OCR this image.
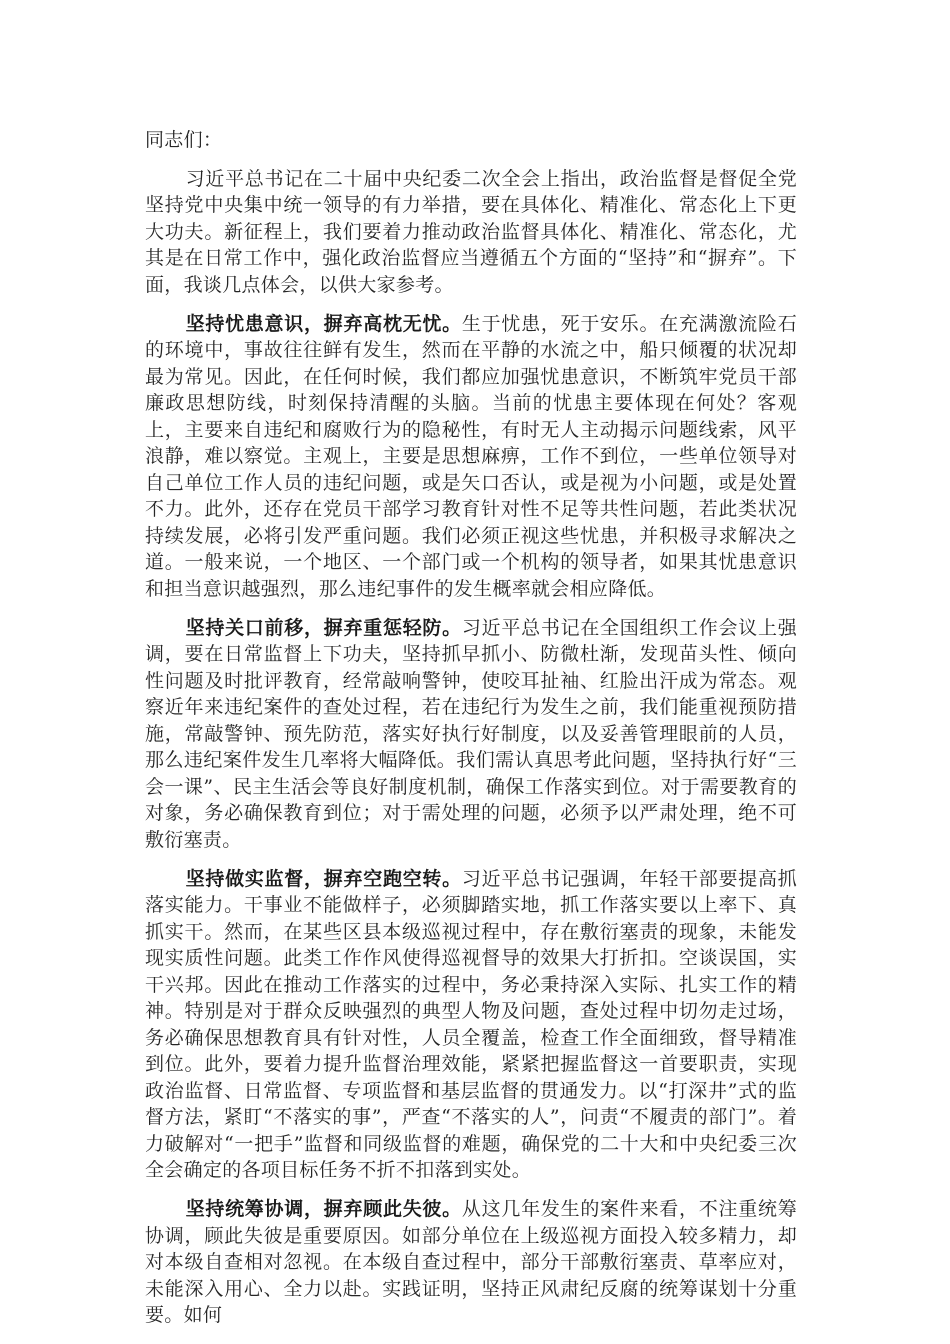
同志们：

习近平总书记在二十届中央纪委二次全会上指出，政治监督是督促全党坚持党中央集中统一领导的有力举措，要在具体化、精准化、常态化上下更大功夫。新征程上，我们要着力推动政治监督具体化、精准化、常态化，尤其是在日常工作中，强化政治监督应当遵循五个方面的“坚持”和“摒弃”。下面，我谈几点体会，以供大家参考。

坚持忧患意识，摒弃高枕无忧。生于忧患，死于安乐。在充满激流险石的环境中，事故往往鲜有发生，然而在平静的水流之中，船只倾覆的状况却最为常见。因此，在任何时候，我们都应加强忧患意识，不断筑牢党员干部廉政思想防线，时刻保持清醒的头脑。当前的忧患主要体现在何处？客观上，主要来自违纪和腐败行为的隐秘性，有时无人主动揭示问题线索，风平浪静，难以察觉。主观上，主要是思想麻痹，工作不到位，一些单位领导对自己单位工作人员的违纪问题，或是矢口否认，或是视为小问题，或是处置不力。此外，还存在党员干部学习教育针对性不足等共性问题，若此类状况持续发展，必将引发严重问题。我们必须正视这些忧患，并积极寻求解决之道。一般来说，一个地区、一个部门或一个机构的领导者，如果其忧患意识和担当意识越强烈，那么违纪事件的发生概率就会相应降低。

坚持关口前移，摒弃重惩轻防。习近平总书记在全国组织工作会议上强调，要在日常监督上下功夫，坚持抓早抓小、防微杜渐，发现苗头性、倾向性问题及时批评教育，经常敲响警钟，使咬耳扯袖、红脸出汗成为常态。观察近年来违纪案件的查处过程，若在违纪行为发生之前，我们能重视预防措施，常敲警钟、预先防范，落实好执行好制度，以及妥善管理眼前的人员，那么违纪案件发生几率将大幅降低。我们需认真思考此问题，坚持执行好“三会一课”、民主生活会等良好制度机制，确保工作落实到位。对于需要教育的对象，务必确保教育到位；对于需处理的问题，必须予以严肃处理，绝不可敷衍塞责。

坚持做实监督，摒弃空跑空转。习近平总书记强调，年轻干部要提高抓落实能力。干事业不能做样子，必须脚踏实地，抓工作落实要以上率下、真抓实干。然而，在某些区县本级巡视过程中，存在敷衍塞责的现象，未能发现实质性问题。此类工作作风使得巡视督导的效果大打折扣。空谈误国，实干兴邦。因此在推动工作落实的过程中，务必秉持深入实际、扎实工作的精神。特别是对于群众反映强烈的典型人物及问题，查处过程中切勿走过场，务必确保思想教育具有针对性，人员全覆盖，检查工作全面细致，督导精准到位。此外，要着力提升监督治理效能，紧紧把握监督这一首要职责，实现政治监督、日常监督、专项监督和基层监督的贯通发力。以“打深井”式的监督方法，紧盯“不落实的事”，严查“不落实的人”，问责“不履责的部门”。着力破解对“一把手”监督和同级监督的难题，确保党的二十大和中央纪委三次全会确定的各项目标任务不折不扣落到实处。

坚持统筹协调，摒弃顾此失彼。从这几年发生的案件来看，不注重统筹协调，顾此失彼是重要原因。如部分单位在上级巡视方面投入较多精力，却对本级自查相对忽视。在本级自查过程中，部分干部敷衍塞责、草率应对，未能深入用心、全力以赴。实践证明，坚持正风肃纪反腐的统筹谋划十分重要。如何
